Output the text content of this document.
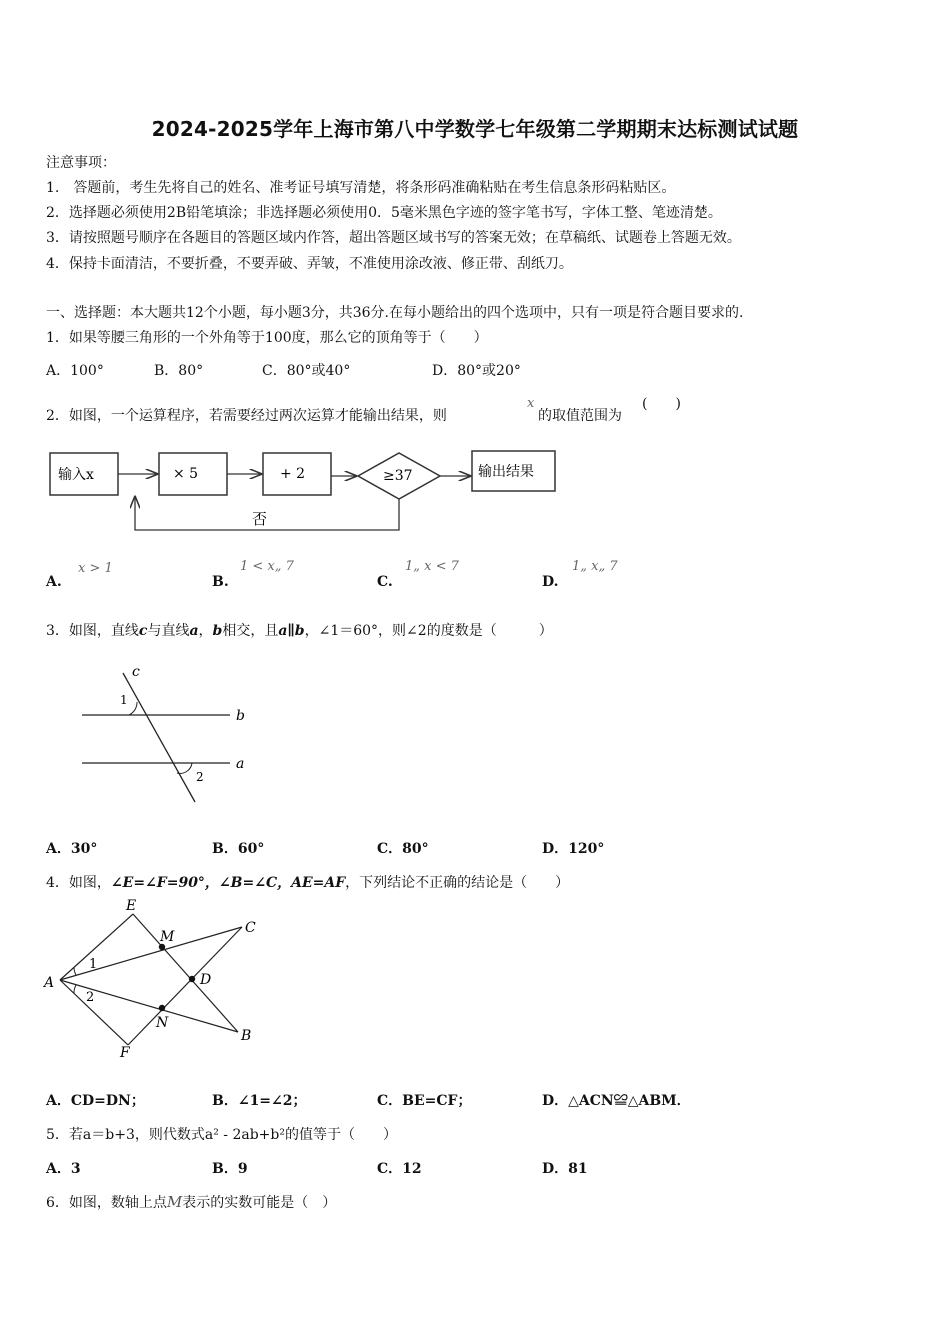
2024-2025学年上海市第八中学数学七年级第二学期期末达标测试试题
注意事项：
1.　答题前，考生先将自己的姓名、准考证号填写清楚，将条形码准确粘贴在考生信息条形码粘贴区。
2．选择题必须使用2B铅笔填涂；非选择题必须使用0．5毫米黑色字迹的签字笔书写，字体工整、笔迹清楚。
3．请按照题号顺序在各题目的答题区域内作答，超出答题区域书写的答案无效；在草稿纸、试题卷上答题无效。
4．保持卡面清洁，不要折叠，不要弄破、弄皱，不准使用涂改液、修正带、刮纸刀。
一、选择题：本大题共12个小题，每小题3分，共36分.在每小题给出的四个选项中，只有一项是符合题目要求的.
1．如果等腰三角形的一个外角等于100度，那么它的顶角等于（　　）
A．100°	B．80°	C．80°或40°	D．80°或20°
2．如图，一个运算程序，若需要经过两次运算才能输出结果，则
x
的取值范围为
(　　)
输入x	× 5	+ 2	≥37	输出结果
否
A.
x > 1
B.
1 < x„ 7
C.
1„ x < 7
D.
1„ x„ 7
3．如图，直线c与直线a，b相交，且a∥b，∠1＝60°，则∠2的度数是（　　　）
c
b
a
1
2
A．30°	B．60°	C．80°	D．120°
4．如图，∠E=∠F=90°，∠B=∠C，AE=AF，下列结论不正确的结论是（　　）
E
M
C
A	D
N
B
F
1
2
A．CD=DN；	B．∠1=∠2；	C．BE=CF；	D．△ACN≌△ABM．
5．若a＝b+3，则代数式a² - 2ab+b²的值等于（　　）
A．3	B．9	C．12	D．81
6．如图，数轴上点M表示的实数可能是（　）
